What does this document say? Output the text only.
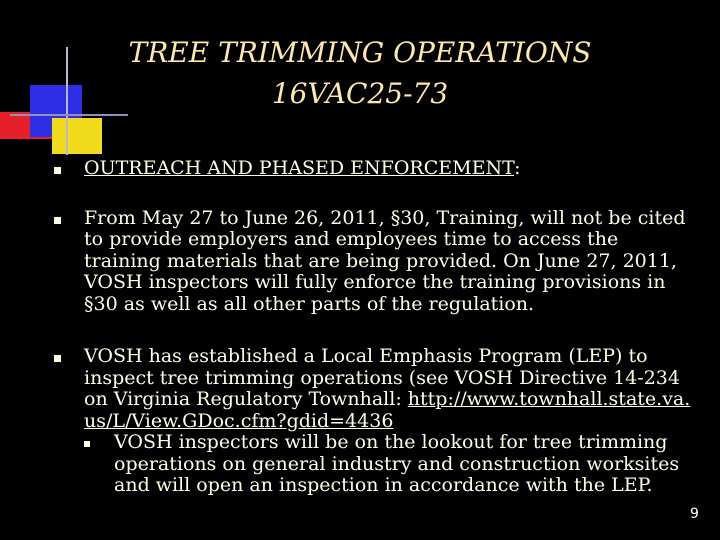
TREE TRIMMING OPERATIONS
16VAC25-73
OUTREACH AND PHASED ENFORCEMENT:
From May 27 to June 26, 2011, §30, Training, will not be cited to provide employers and employees time to access the training materials that are being provided. On June 27, 2011, VOSH inspectors will fully enforce the training provisions in §30 as well as all other parts of the regulation.
VOSH has established a Local Emphasis Program (LEP) to inspect tree trimming operations (see VOSH Directive 14-234 on Virginia Regulatory Townhall: http://www.townhall.state.va.us/L/View.GDoc.cfm?gdid=4436
VOSH inspectors will be on the lookout for tree trimming operations on general industry and construction worksites and will open an inspection in accordance with the LEP.
9
